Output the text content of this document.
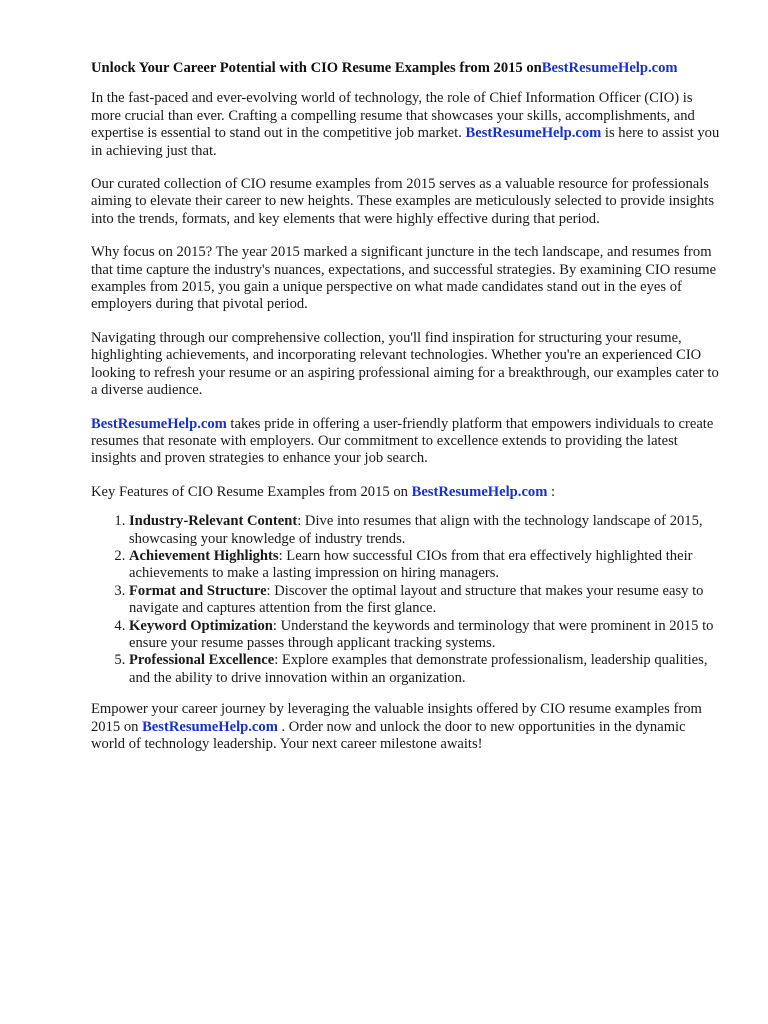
Unlock Your Career Potential with CIO Resume Examples from 2015 onBestResumeHelp.com

In the fast-paced and ever-evolving world of technology, the role of Chief Information Officer (CIO) is more crucial than ever. Crafting a compelling resume that showcases your skills, accomplishments, and expertise is essential to stand out in the competitive job market. BestResumeHelp.com is here to assist you in achieving just that.

Our curated collection of CIO resume examples from 2015 serves as a valuable resource for professionals aiming to elevate their career to new heights. These examples are meticulously selected to provide insights into the trends, formats, and key elements that were highly effective during that period.

Why focus on 2015? The year 2015 marked a significant juncture in the tech landscape, and resumes from that time capture the industry's nuances, expectations, and successful strategies. By examining CIO resume examples from 2015, you gain a unique perspective on what made candidates stand out in the eyes of employers during that pivotal period.

Navigating through our comprehensive collection, you'll find inspiration for structuring your resume, highlighting achievements, and incorporating relevant technologies. Whether you're an experienced CIO looking to refresh your resume or an aspiring professional aiming for a breakthrough, our examples cater to a diverse audience.

BestResumeHelp.com takes pride in offering a user-friendly platform that empowers individuals to create resumes that resonate with employers. Our commitment to excellence extends to providing the latest insights and proven strategies to enhance your job search.

Key Features of CIO Resume Examples from 2015 on BestResumeHelp.com :

1. Industry-Relevant Content: Dive into resumes that align with the technology landscape of 2015, showcasing your knowledge of industry trends.
2. Achievement Highlights: Learn how successful CIOs from that era effectively highlighted their achievements to make a lasting impression on hiring managers.
3. Format and Structure: Discover the optimal layout and structure that makes your resume easy to navigate and captures attention from the first glance.
4. Keyword Optimization: Understand the keywords and terminology that were prominent in 2015 to ensure your resume passes through applicant tracking systems.
5. Professional Excellence: Explore examples that demonstrate professionalism, leadership qualities, and the ability to drive innovation within an organization.

Empower your career journey by leveraging the valuable insights offered by CIO resume examples from 2015 on BestResumeHelp.com . Order now and unlock the door to new opportunities in the dynamic world of technology leadership. Your next career milestone awaits!
